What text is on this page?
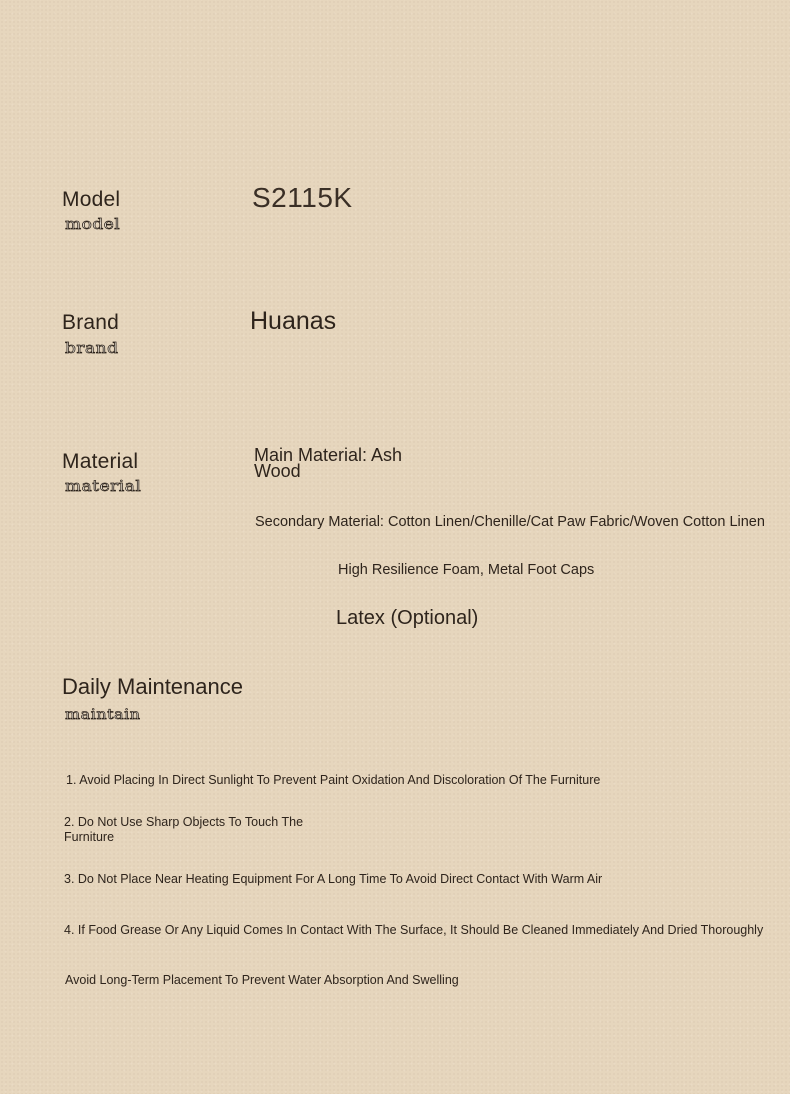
Model
model
S2115K
Brand
brand
Huanas
Material
material
Main Material: Ash Wood
Secondary Material: Cotton Linen/Chenille/Cat Paw Fabric/Woven Cotton Linen
High Resilience Foam, Metal Foot Caps
Latex (Optional)
Daily Maintenance
maintain
1. Avoid Placing In Direct Sunlight To Prevent Paint Oxidation And Discoloration Of The Furniture
2. Do Not Use Sharp Objects To Touch The Furniture
3. Do Not Place Near Heating Equipment For A Long Time To Avoid Direct Contact With Warm Air
4. If Food Grease Or Any Liquid Comes In Contact With The Surface, It Should Be Cleaned Immediately And Dried Thoroughly
Avoid Long-Term Placement To Prevent Water Absorption And Swelling
